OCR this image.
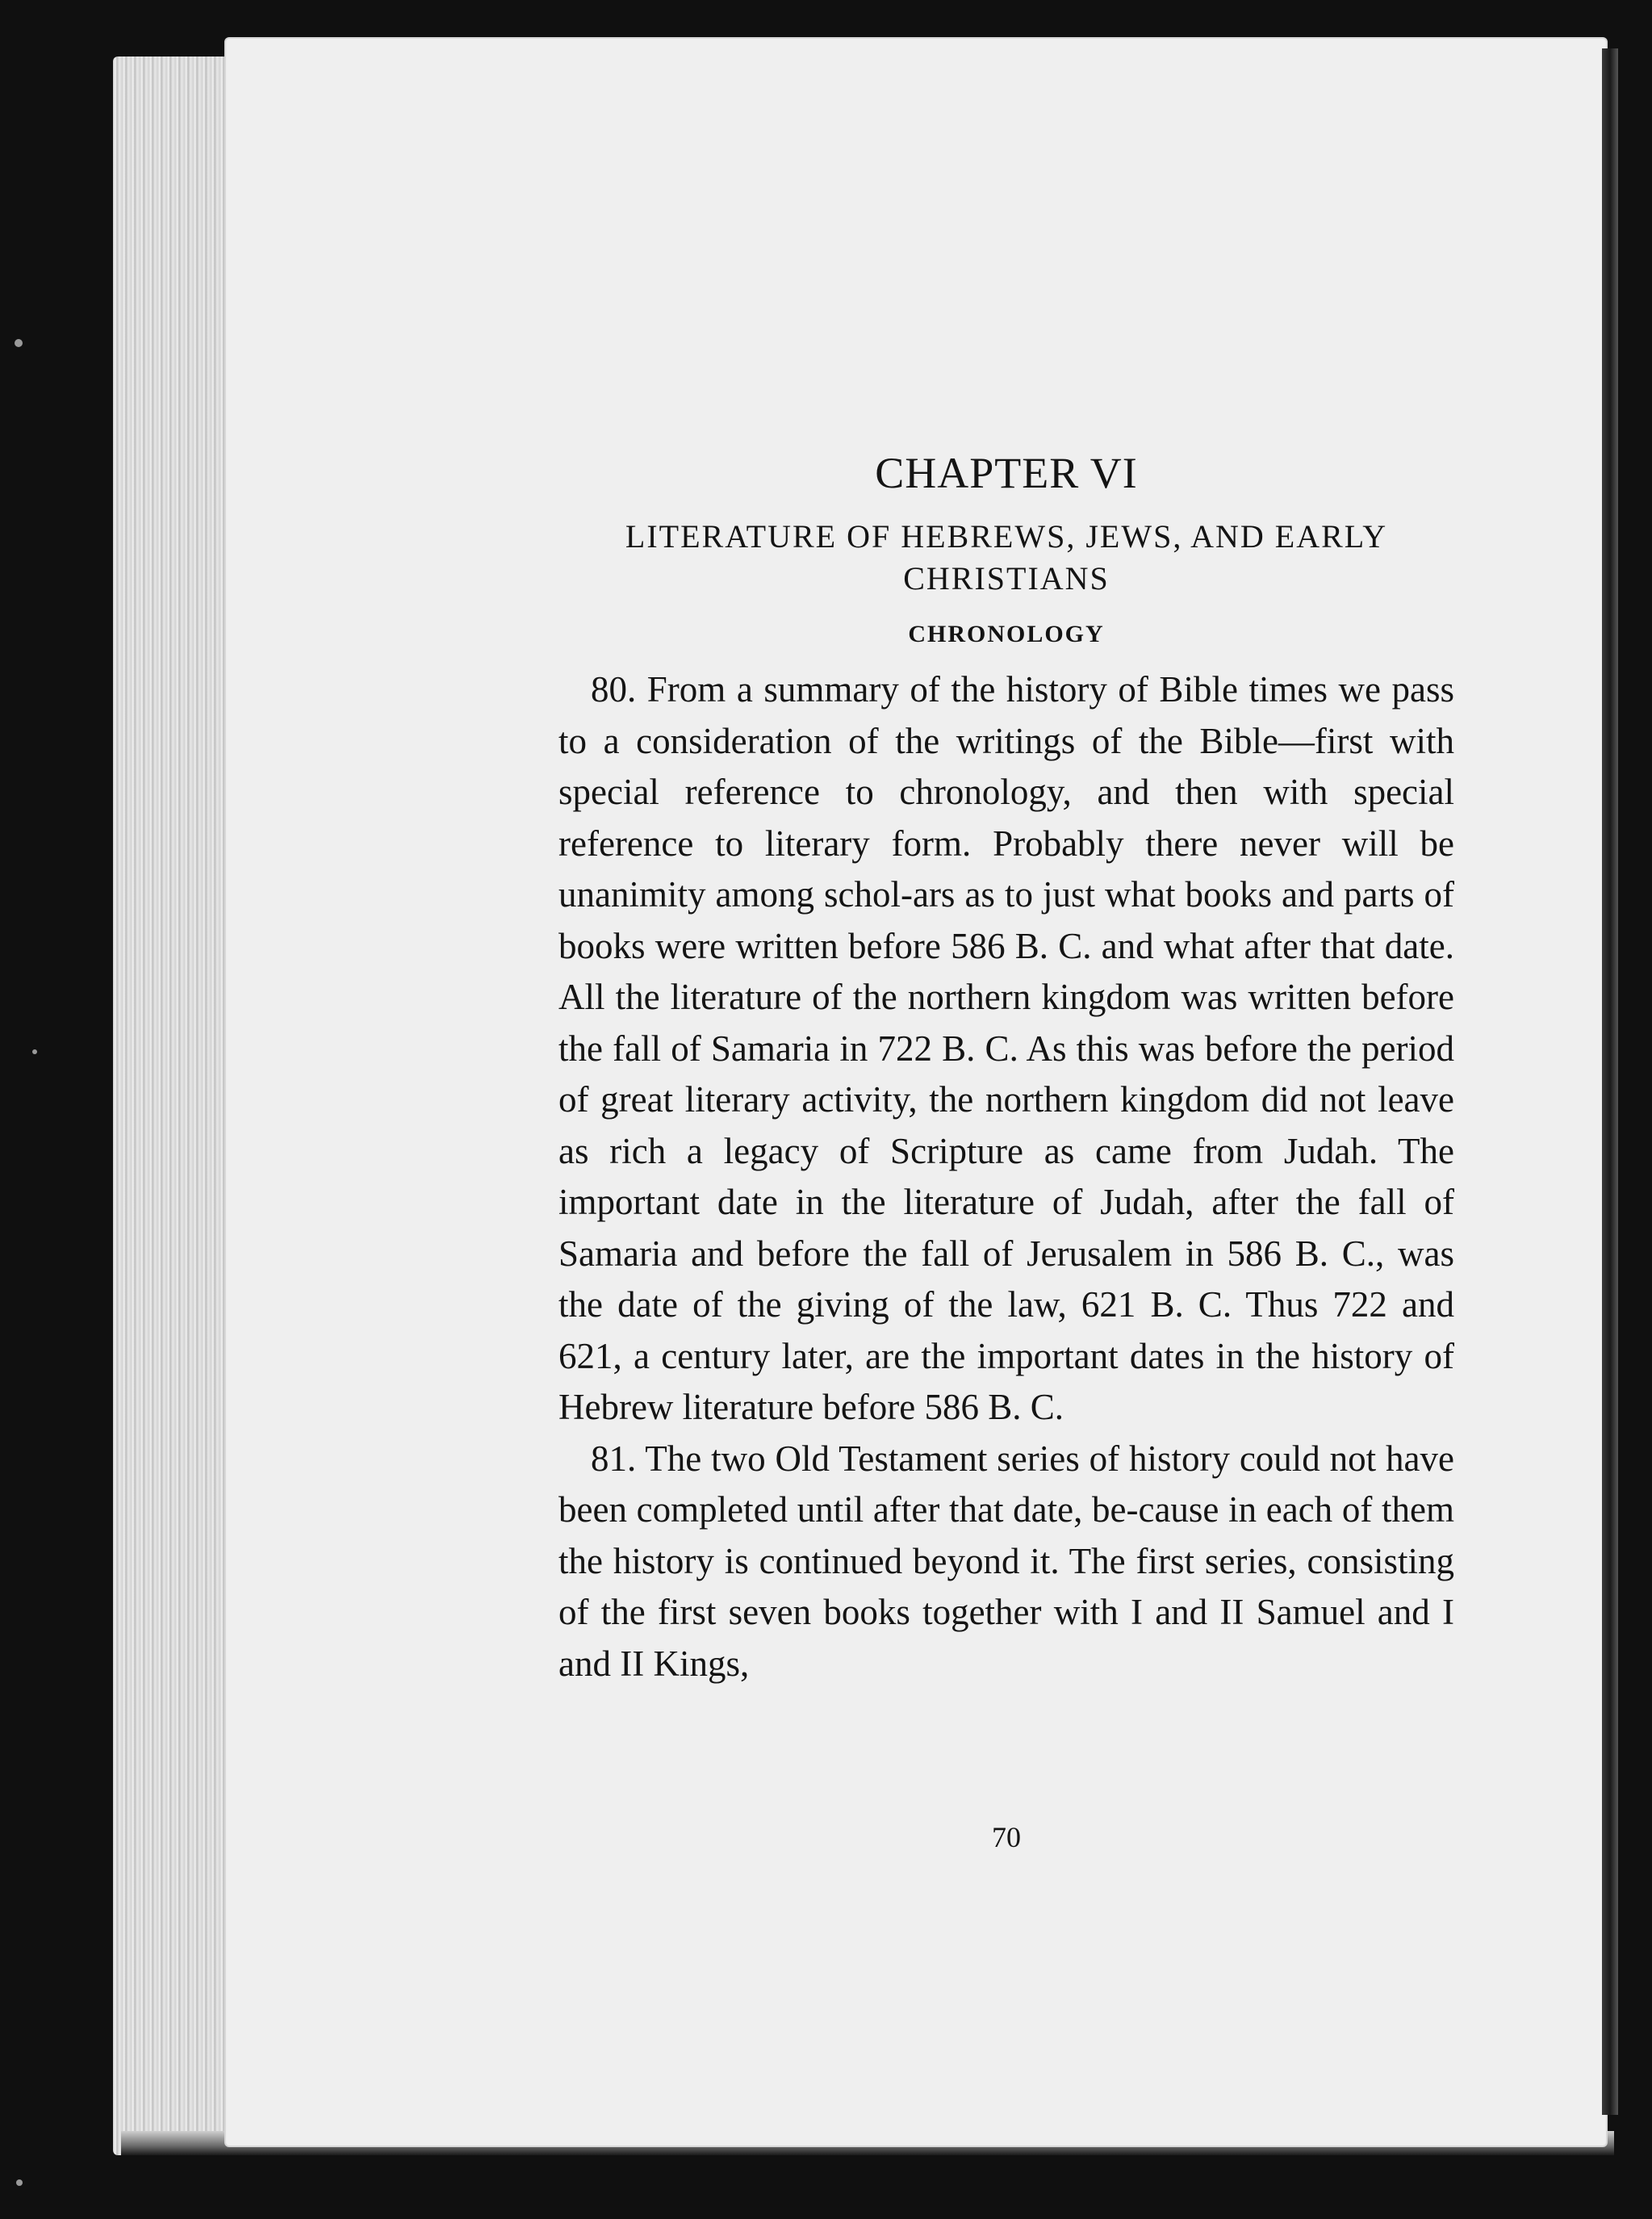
CHAPTER VI
LITERATURE OF HEBREWS, JEWS, AND EARLY CHRISTIANS
CHRONOLOGY

80. From a summary of the history of Bible times we pass to a consideration of the writings of the Bible—first with special reference to chronology, and then with special reference to literary form. Probably there never will be unanimity among schol-ars as to just what books and parts of books were written before 586 B. C. and what after that date. All the literature of the northern kingdom was written before the fall of Samaria in 722 B. C. As this was before the period of great literary activity, the northern kingdom did not leave as rich a legacy of Scripture as came from Judah. The important date in the literature of Judah, after the fall of Samaria and before the fall of Jerusalem in 586 B. C., was the date of the giving of the law, 621 B. C. Thus 722 and 621, a century later, are the important dates in the history of Hebrew literature before 586 B. C.

81. The two Old Testament series of history could not have been completed until after that date, be-cause in each of them the history is continued beyond it. The first series, consisting of the first seven books together with I and II Samuel and I and II Kings,

70
